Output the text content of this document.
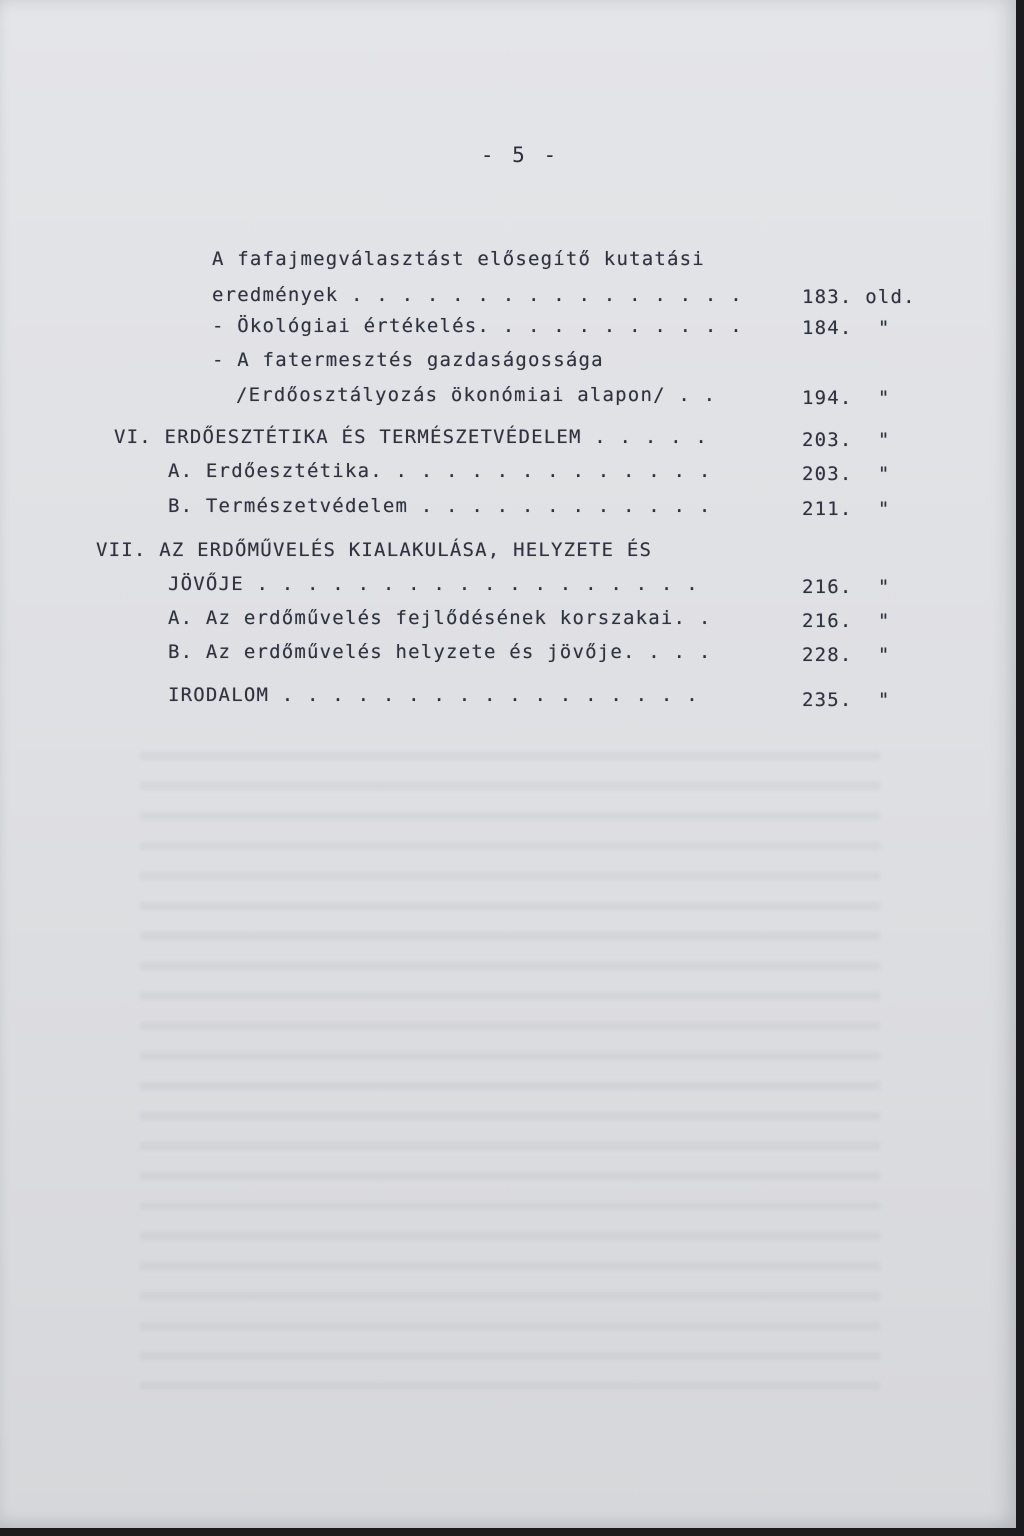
- 5 -
A fafajmegválasztást elősegítő kutatási
eredmények . . . . . . . . . . . . . . . .	183. old.
- Ökológiai értékelés. . . . . . . . . . .	184.  "
- A fatermesztés gazdaságossága
/Erdőosztályozás ökonómiai alapon/ . .	194.  "
VI. ERDŐESZTÉTIKA ÉS TERMÉSZETVÉDELEM . . . . .	203.  "
A. Erdőesztétika. . . . . . . . . . . . . .	203.  "
B. Természetvédelem . . . . . . . . . . . .	211.  "
VII. AZ ERDŐMŰVELÉS KIALAKULÁSA, HELYZETE ÉS
JÖVŐJE . . . . . . . . . . . . . . . . . .	216.  "
A. Az erdőművelés fejlődésének korszakai. .	216.  "
B. Az erdőművelés helyzete és jövője. . . .	228.  "
IRODALOM . . . . . . . . . . . . . . . . .	235.  "
